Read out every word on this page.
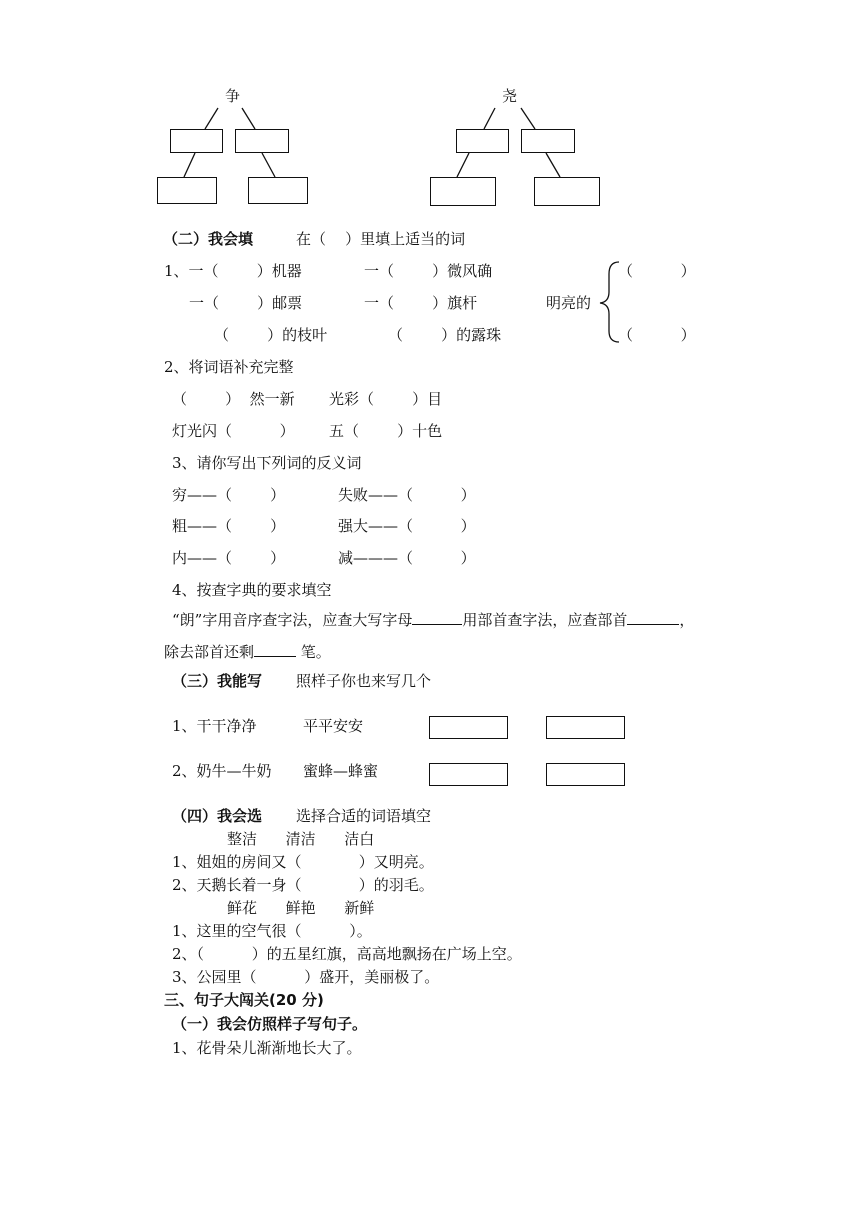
争	尧
（二）我会填	在（    ）里填上适当的词
1、一（        ）机器	一（        ）微风确
一（        ）邮票	一（        ）旗杆	明亮的
（        ）的枝叶	（        ）的露珠
（          ）
（          ）
2、将词语补充完整
（        ）  然一新 光彩（        ）目
灯光闪（          ） 五（        ）十色
3、请你写出下列词的反义词
穷——（        ）	失败——（          ）
粗——（        ）	强大——（          ）
内——（        ）	减———（          ）
4、按查字典的要求填空
“朗”字用音序查字法，应查大写字母	用部首查字法，应查部首	，
除去部首还剩	笔。
（三）我能写 照样子你也来写几个
1、干干净净	平平安安
2、奶牛—牛奶 蜜蜂—蜂蜜
（四）我会选 选择合适的词语填空
整洁      清洁      洁白
1、姐姐的房间又（            ）又明亮。
2、天鹅长着一身（            ）的羽毛。
鲜花      鲜艳      新鲜
1、这里的空气很（          ）。
2、（          ）的五星红旗，高高地飘扬在广场上空。
3、公园里（          ）盛开，美丽极了。
三、句子大闯关(20 分)
（一）我会仿照样子写句子。
1、花骨朵儿渐渐地长大了。
